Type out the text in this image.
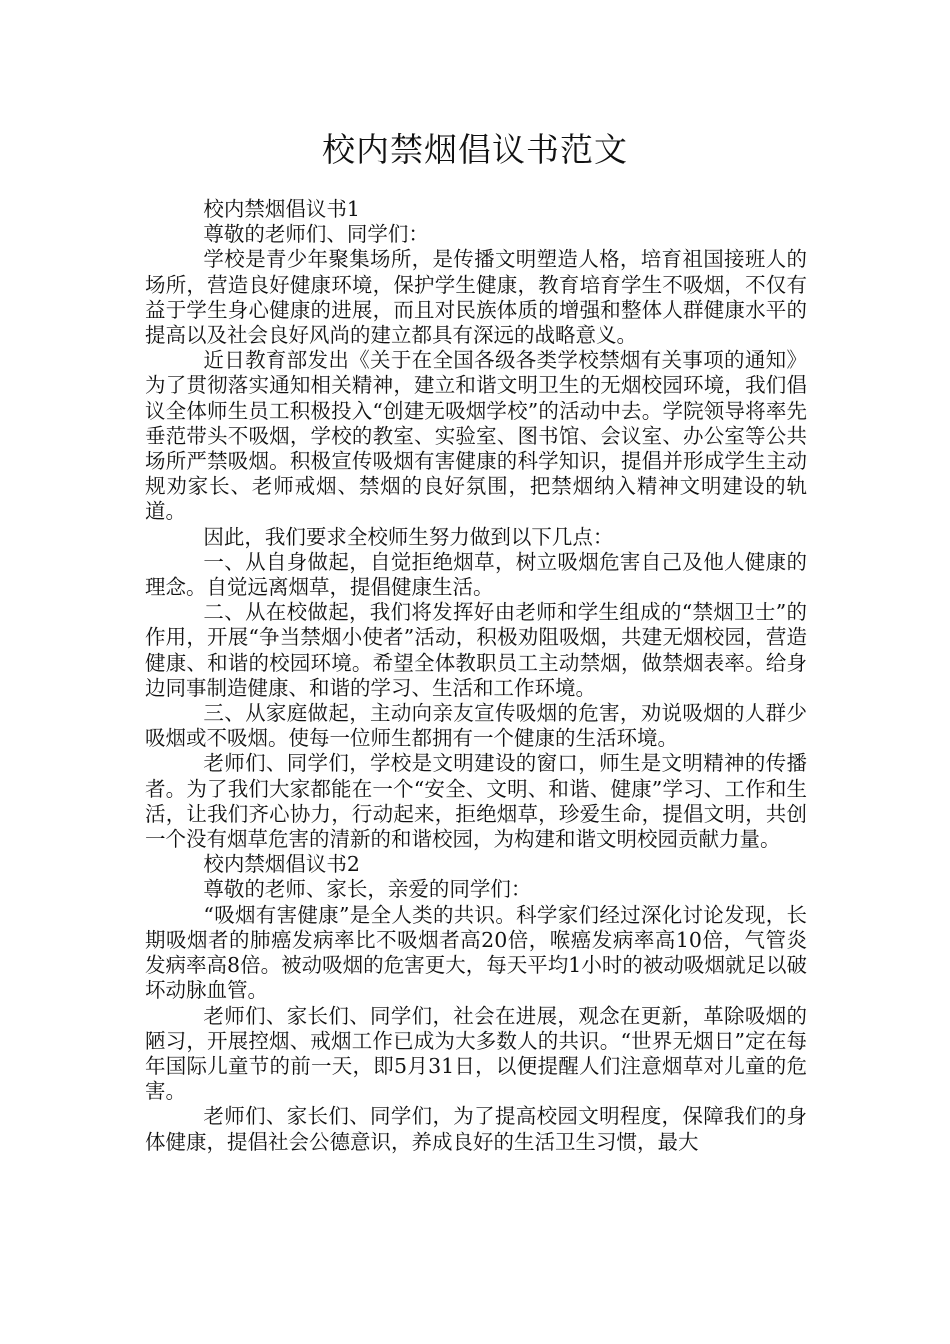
校内禁烟倡议书范文

校内禁烟倡议书1

尊敬的老师们、同学们：

学校是青少年聚集场所，是传播文明塑造人格，培育祖国接班人的场所，营造良好健康环境，保护学生健康，教育培育学生不吸烟，不仅有益于学生身心健康的进展，而且对民族体质的增强和整体人群健康水平的提高以及社会良好风尚的建立都具有深远的战略意义。

近日教育部发出《关于在全国各级各类学校禁烟有关事项的通知》为了贯彻落实通知相关精神，建立和谐文明卫生的无烟校园环境，我们倡议全体师生员工积极投入“创建无吸烟学校”的活动中去。学院领导将率先垂范带头不吸烟，学校的教室、实验室、图书馆、会议室、办公室等公共场所严禁吸烟。积极宣传吸烟有害健康的科学知识，提倡并形成学生主动规劝家长、老师戒烟、禁烟的良好氛围，把禁烟纳入精神文明建设的轨道。

因此，我们要求全校师生努力做到以下几点：

一、从自身做起，自觉拒绝烟草，树立吸烟危害自己及他人健康的理念。自觉远离烟草，提倡健康生活。

二、从在校做起，我们将发挥好由老师和学生组成的“禁烟卫士”的作用，开展“争当禁烟小使者”活动，积极劝阻吸烟，共建无烟校园，营造健康、和谐的校园环境。希望全体教职员工主动禁烟，做禁烟表率。给身边同事制造健康、和谐的学习、生活和工作环境。

三、从家庭做起，主动向亲友宣传吸烟的危害，劝说吸烟的人群少吸烟或不吸烟。使每一位师生都拥有一个健康的生活环境。

老师们、同学们，学校是文明建设的窗口，师生是文明精神的传播者。为了我们大家都能在一个“安全、文明、和谐、健康”学习、工作和生活，让我们齐心协力，行动起来，拒绝烟草，珍爱生命，提倡文明，共创一个没有烟草危害的清新的和谐校园，为构建和谐文明校园贡献力量。

校内禁烟倡议书2

尊敬的老师、家长，亲爱的同学们：

“吸烟有害健康”是全人类的共识。科学家们经过深化讨论发现，长期吸烟者的肺癌发病率比不吸烟者高20倍，喉癌发病率高10倍，气管炎发病率高8倍。被动吸烟的危害更大，每天平均1小时的被动吸烟就足以破坏动脉血管。

老师们、家长们、同学们，社会在进展，观念在更新，革除吸烟的陋习，开展控烟、戒烟工作已成为大多数人的共识。“世界无烟日”定在每年国际儿童节的前一天，即5月31日，以便提醒人们注意烟草对儿童的危害。

老师们、家长们、同学们，为了提高校园文明程度，保障我们的身体健康，提倡社会公德意识，养成良好的生活卫生习惯，最大
